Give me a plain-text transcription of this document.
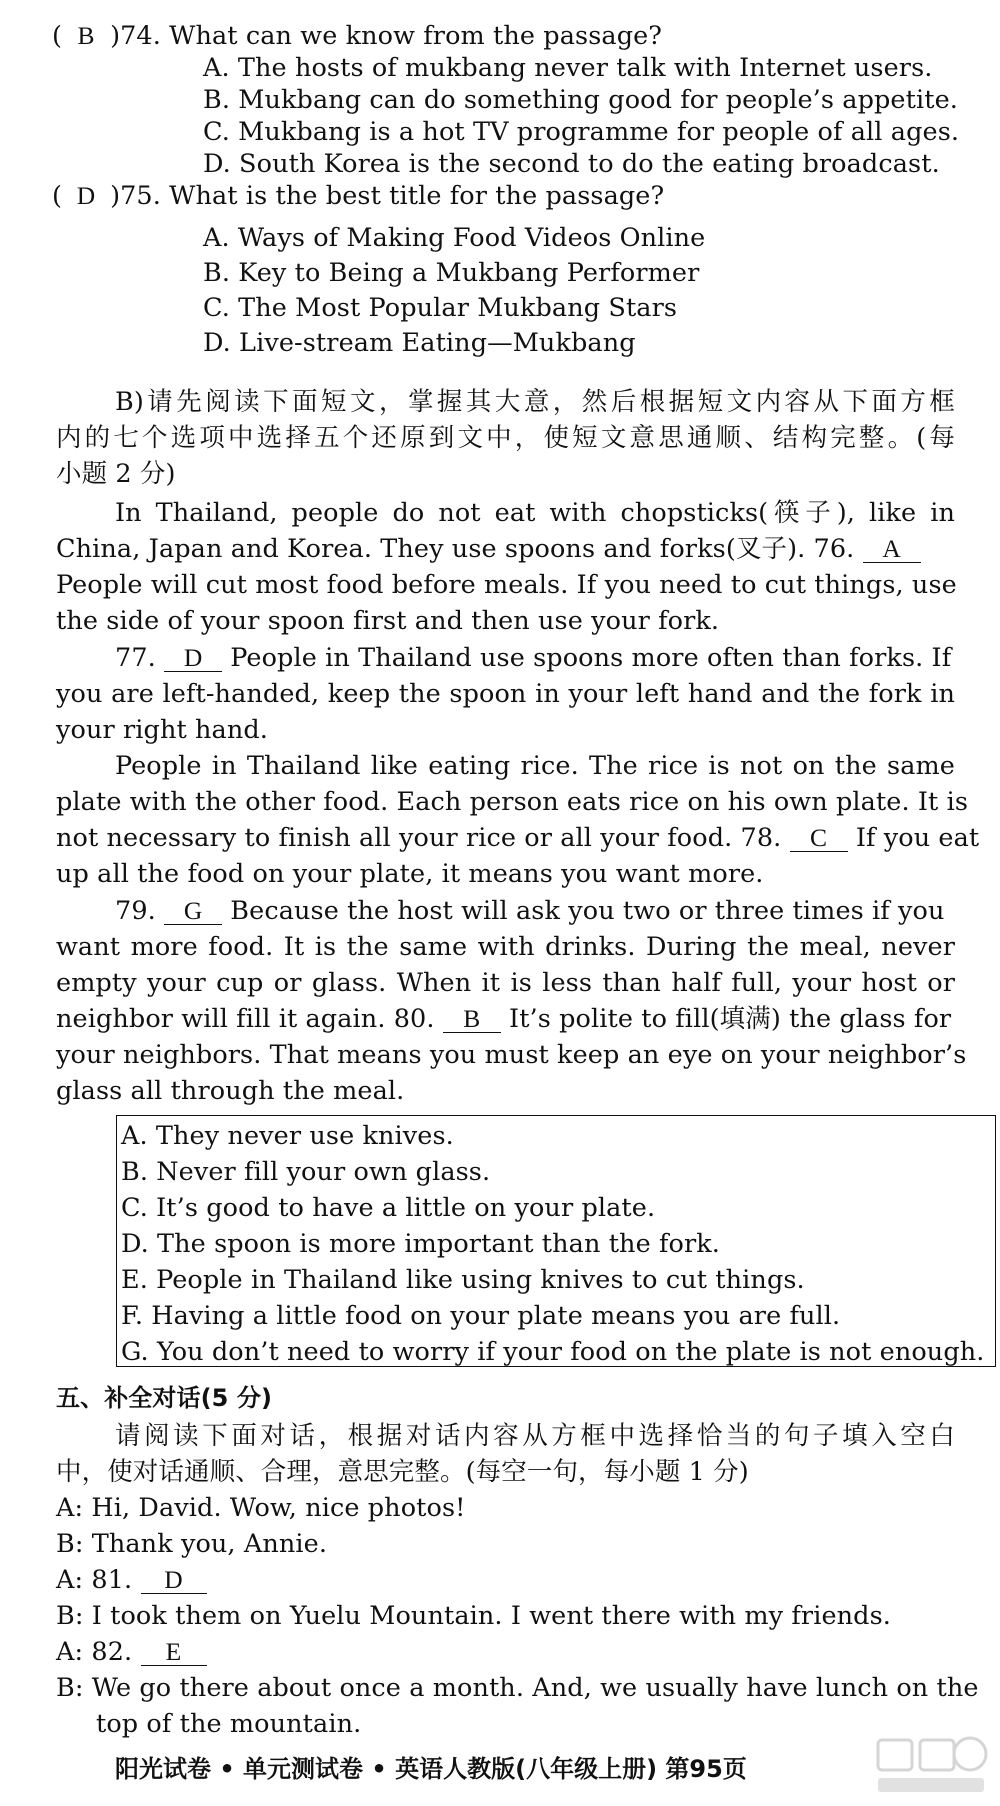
( B )74. What can we know from the passage?
A. The hosts of mukbang never talk with Internet users.
B. Mukbang can do something good for people’s appetite.
C. Mukbang is a hot TV programme for people of all ages.
D. South Korea is the second to do the eating broadcast.
( D )75. What is the best title for the passage?
A. Ways of Making Food Videos Online
B. Key to Being a Mukbang Performer
C. The Most Popular Mukbang Stars
D. Live-stream Eating—Mukbang
B)请先阅读下面短文，掌握其大意，然后根据短文内容从下面方框
内的七个选项中选择五个还原到文中，使短文意思通顺、结构完整。(每
小题 2 分)
In Thailand, people do not eat with chopsticks(筷子), like in
China, Japan and Korea. They use spoons and forks(叉子). 76. A
People will cut most food before meals. If you need to cut things, use
the side of your spoon first and then use your fork.
77. D People in Thailand use spoons more often than forks. If
you are left-handed, keep the spoon in your left hand and the fork in
your right hand.
People in Thailand like eating rice. The rice is not on the same
plate with the other food. Each person eats rice on his own plate. It is
not necessary to finish all your rice or all your food. 78. C If you eat
up all the food on your plate, it means you want more.
79. G Because the host will ask you two or three times if you
want more food. It is the same with drinks. During the meal, never
empty your cup or glass. When it is less than half full, your host or
neighbor will fill it again. 80. B It’s polite to fill(填满) the glass for
your neighbors. That means you must keep an eye on your neighbor’s
glass all through the meal.
A. They never use knives.
B. Never fill your own glass.
C. It’s good to have a little on your plate.
D. The spoon is more important than the fork.
E. People in Thailand like using knives to cut things.
F. Having a little food on your plate means you are full.
G. You don’t need to worry if your food on the plate is not enough.
五、补全对话(5 分)
请阅读下面对话，根据对话内容从方框中选择恰当的句子填入空白
中，使对话通顺、合理，意思完整。(每空一句，每小题 1 分)
A: Hi, David. Wow, nice photos!
B: Thank you, Annie.
A: 81. D
B: I took them on Yuelu Mountain. I went there with my friends.
A: 82. E
B: We go there about once a month. And, we usually have lunch on the
top of the mountain.
阳光试卷 • 单元测试卷 • 英语人教版(八年级上册) 第95页
